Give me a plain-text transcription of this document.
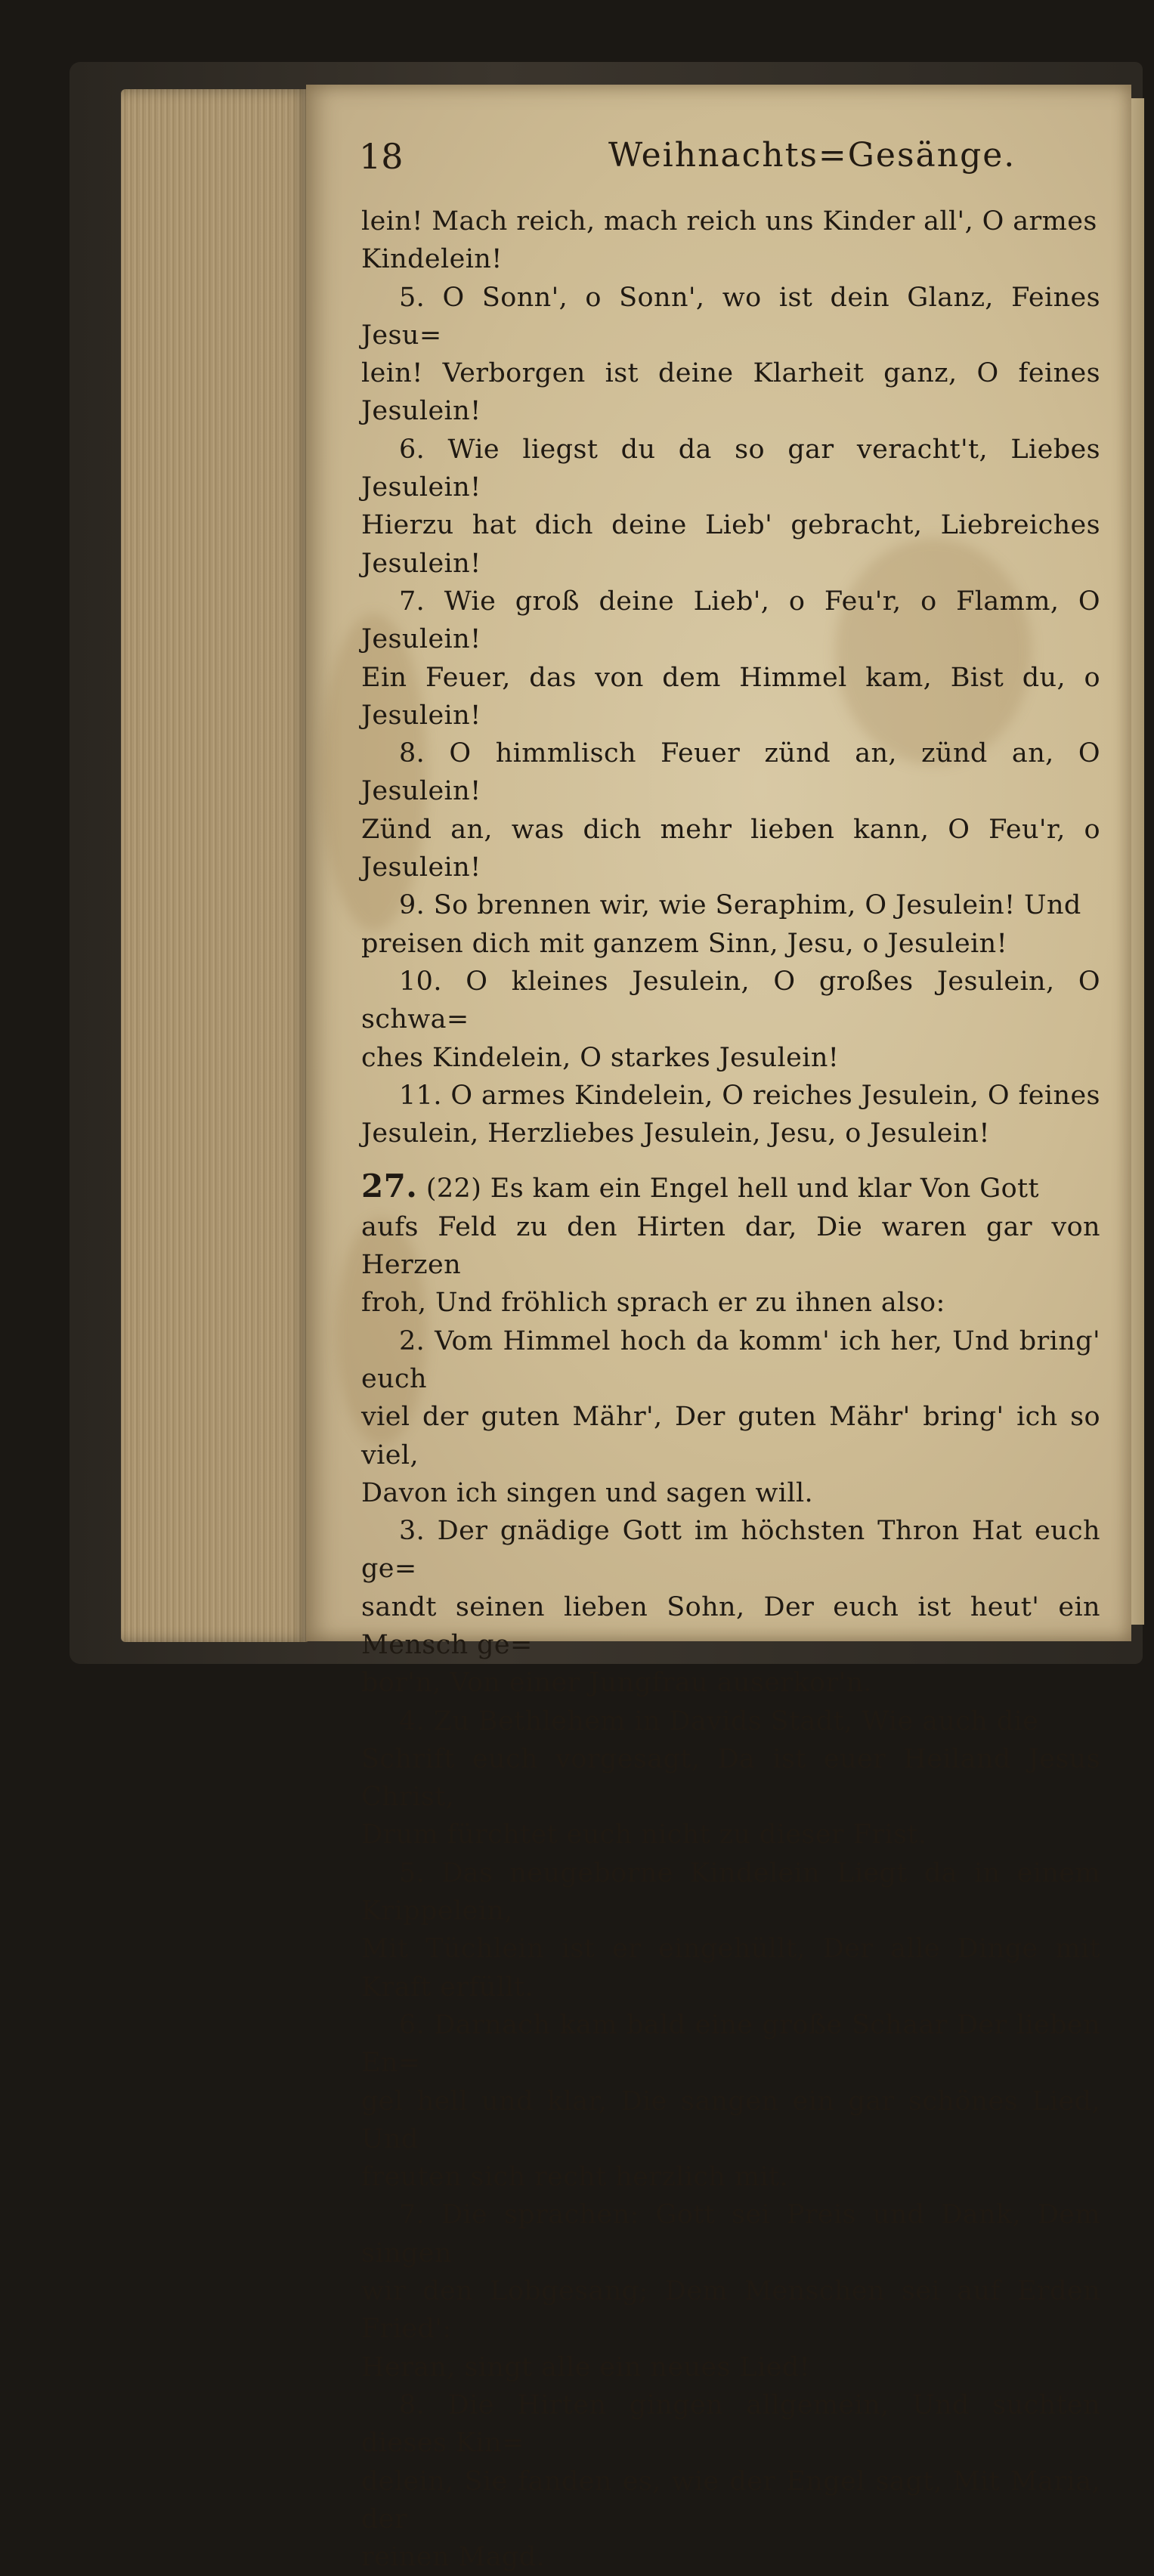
18	Weihnachts=Gesänge.

lein! Mach reich, mach reich uns Kinder all', O armes

Kindelein!

5. O Sonn', o Sonn', wo ist dein Glanz, Feines Jesu=

lein! Verborgen ist deine Klarheit ganz, O feines Jesulein!

6. Wie liegst du da so gar veracht't, Liebes Jesulein!

Hierzu hat dich deine Lieb' gebracht, Liebreiches Jesulein!

7. Wie groß deine Lieb', o Feu'r, o Flamm, O Jesulein!

Ein Feuer, das von dem Himmel kam, Bist du, o Jesulein!

8. O himmlisch Feuer zünd an, zünd an, O Jesulein!

Zünd an, was dich mehr lieben kann, O Feu'r, o Jesulein!

9. So brennen wir, wie Seraphim, O Jesulein! Und

preisen dich mit ganzem Sinn, Jesu, o Jesulein!

10. O kleines Jesulein, O großes Jesulein, O schwa=

ches Kindelein, O starkes Jesulein!

11. O armes Kindelein, O reiches Jesulein, O feines

Jesulein, Herzliebes Jesulein, Jesu, o Jesulein!

27. (22) Es kam ein Engel hell und klar Von Gott

aufs Feld zu den Hirten dar, Die waren gar von Herzen

froh, Und fröhlich sprach er zu ihnen also:

2. Vom Himmel hoch da komm' ich her, Und bring' euch

viel der guten Mähr', Der guten Mähr' bring' ich so viel,

Davon ich singen und sagen will.

3. Der gnädige Gott im höchsten Thron Hat euch ge=

sandt seinen lieben Sohn, Der euch ist heut' ein Mensch ge=

bor'n, Von einer Jungfrau auserkor'n.

4. Zu Bethlehem in Davids Stadt, Wie auch die

Schrift euch vorgesagt, Da ist euer Heiland Jesus Christ,

Drum fürchtet euch nicht zu dieser Frist.

5. Das neugeborne Kindelein Liegt da in einem Krippelein,

Mit Tüchlein ist er eingehüllt, Der alle Dinge mit Kraft erfüllt.

6. Darnach kam bald eine große Schaar Der lieben En=

gel hell und klar, Die sangen ein gar schönes Lied, Und

freuten sich recht herzlich mit.

7. Die sprachen: Gott sei Preis und Dank, Dem singen

wir den Lobgesang; Dem Menschen sei auf Erden Fried':

Heran, singt alle ein neues Lied!

8. Die Hirten gingen allgemein, Und suchten dieses Kin=

delein, Sie fanden es, wie der Engel sagt, Mit Maria, der

reinen Magd.
